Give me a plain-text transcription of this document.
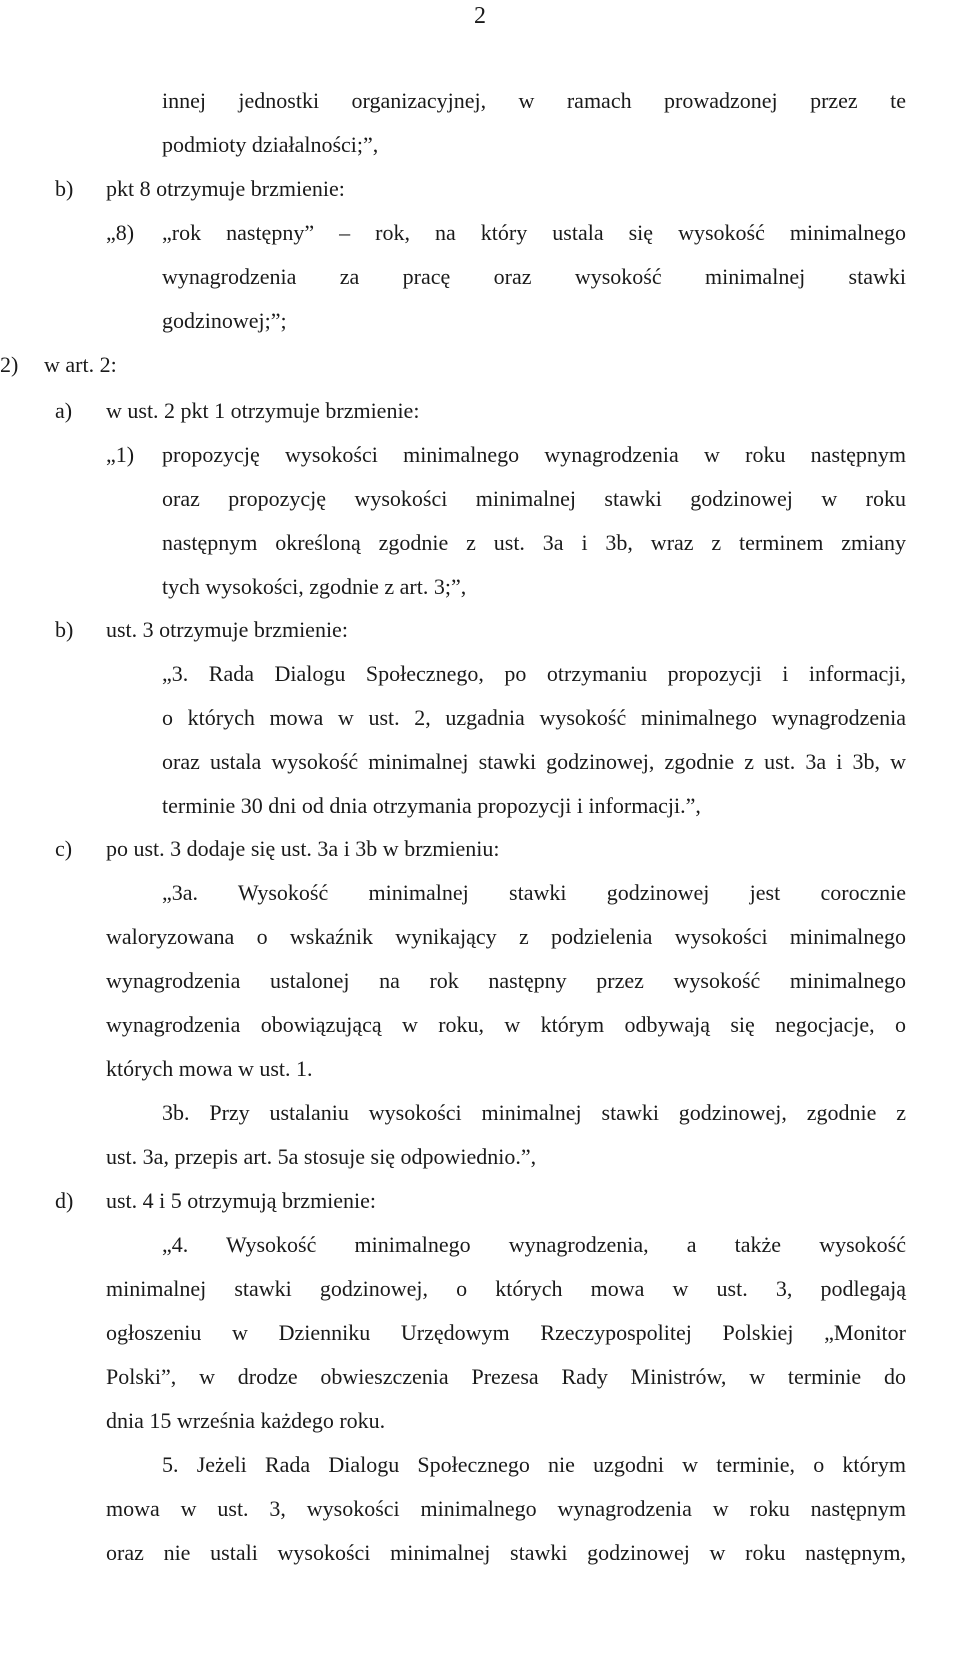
2
innej jednostki organizacyjnej, w ramach prowadzonej przez te
podmioty działalności;”,
b) pkt 8 otrzymuje brzmienie:
„8) „rok następny” – rok, na który ustala się wysokość minimalnego
wynagrodzenia za pracę oraz wysokość minimalnej stawki
godzinowej;”;
2) w art. 2:
a) w ust. 2 pkt 1 otrzymuje brzmienie:
„1) propozycję wysokości minimalnego wynagrodzenia w roku następnym
oraz propozycję wysokości minimalnej stawki godzinowej w roku
następnym określoną zgodnie z ust. 3a i 3b, wraz z terminem zmiany
tych wysokości, zgodnie z art. 3;”,
b) ust. 3 otrzymuje brzmienie:
„3. Rada Dialogu Społecznego, po otrzymaniu propozycji i informacji,
o których mowa w ust. 2, uzgadnia wysokość minimalnego wynagrodzenia
oraz ustala wysokość minimalnej stawki godzinowej, zgodnie z ust. 3a i 3b, w
terminie 30 dni od dnia otrzymania propozycji i informacji.”,
c) po ust. 3 dodaje się ust. 3a i 3b w brzmieniu:
„3a. Wysokość minimalnej stawki godzinowej jest corocznie
waloryzowana o wskaźnik wynikający z podzielenia wysokości minimalnego
wynagrodzenia ustalonej na rok następny przez wysokość minimalnego
wynagrodzenia obowiązującą w roku, w którym odbywają się negocjacje, o
których mowa w ust. 1.
3b. Przy ustalaniu wysokości minimalnej stawki godzinowej, zgodnie z
ust. 3a, przepis art. 5a stosuje się odpowiednio.”,
d) ust. 4 i 5 otrzymują brzmienie:
„4. Wysokość minimalnego wynagrodzenia, a także wysokość
minimalnej stawki godzinowej, o których mowa w ust. 3, podlegają
ogłoszeniu w Dzienniku Urzędowym Rzeczypospolitej Polskiej „Monitor
Polski”, w drodze obwieszczenia Prezesa Rady Ministrów, w terminie do
dnia 15 września każdego roku.
5. Jeżeli Rada Dialogu Społecznego nie uzgodni w terminie, o którym
mowa w ust. 3, wysokości minimalnego wynagrodzenia w roku następnym
oraz nie ustali wysokości minimalnej stawki godzinowej w roku następnym,
